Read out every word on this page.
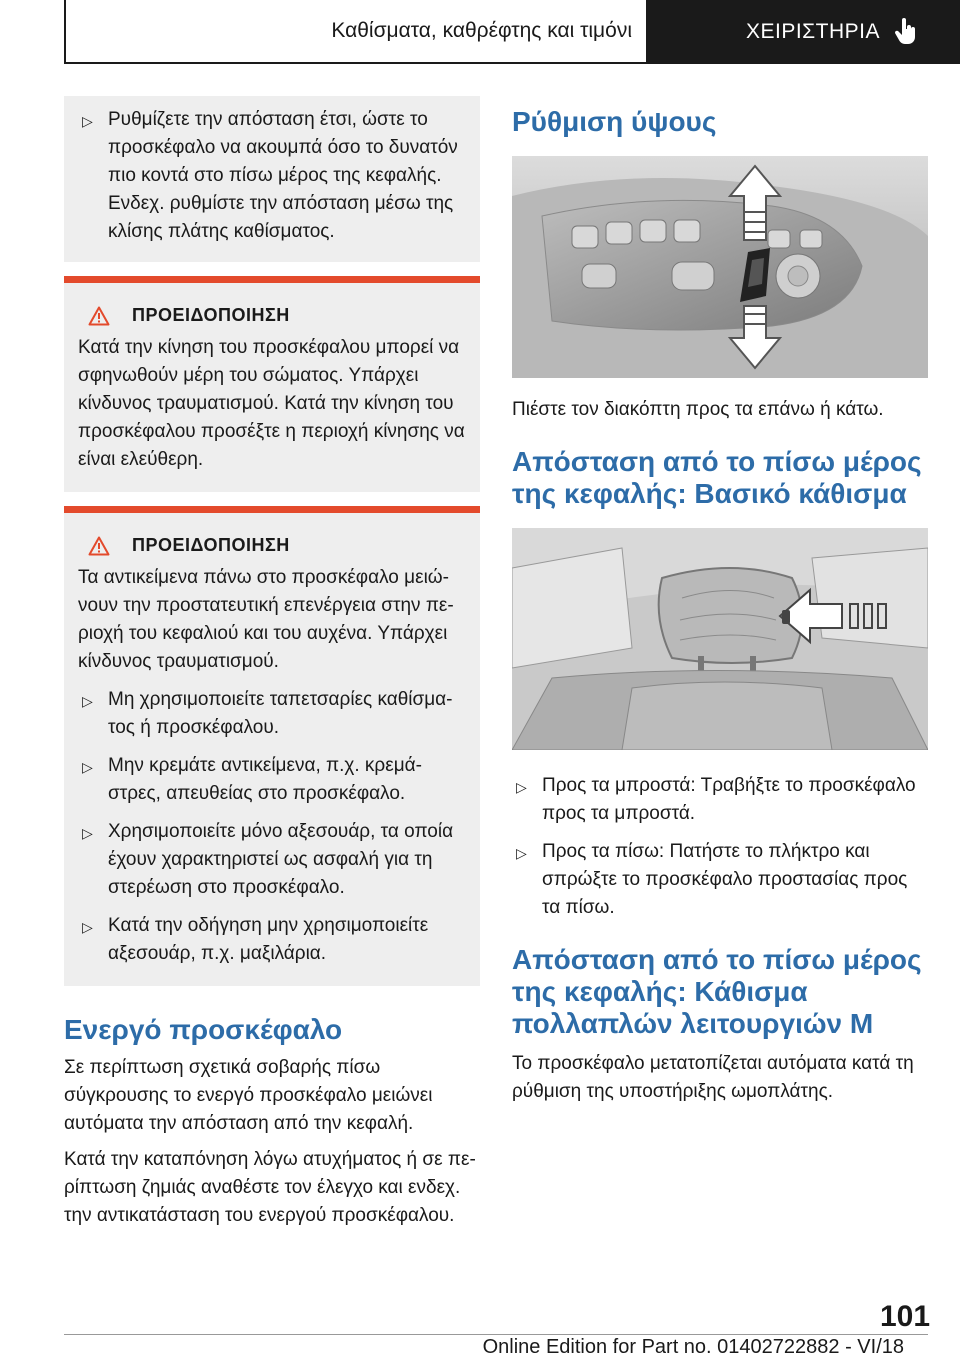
Καθίσματα, καθρέφτης και τιμόνι	ΧΕΙΡΙΣΤΗΡΙΑ
▷ Ρυθμίζετε την απόσταση έτσι, ώστε το προσκέφαλο να ακουμπά όσο το δυνατόν πιο κοντά στο πίσω μέρος της κεφαλής. Ενδεχ. ρυθμίστε την απόσταση μέσω της κλίσης πλάτης καθίσματος.
ΠΡΟΕΙΔΟΠΟΙΗΣΗ
Κατά την κίνηση του προσκέφαλου μπορεί να σφηνωθούν μέρη του σώματος. Υπάρχει κίνδυνος τραυματισμού. Κατά την κίνηση του προσκέφαλου προσέξτε η περιοχή κίνησης να είναι ελεύθερη.
ΠΡΟΕΙΔΟΠΟΙΗΣΗ
Τα αντικείμενα πάνω στο προσκέφαλο μειώνουν την προστατευτική επενέργεια στην περιοχή του κεφαλιού και του αυχένα. Υπάρχει κίνδυνος τραυματισμού.
▷ Μη χρησιμοποιείτε ταπετσαρίες καθίσματος ή προσκέφαλου.
▷ Μην κρεμάτε αντικείμενα, π.χ. κρεμάστρες, απευθείας στο προσκέφαλο.
▷ Χρησιμοποιείτε μόνο αξεσουάρ, τα οποία έχουν χαρακτηριστεί ως ασφαλή για τη στερέωση στο προσκέφαλο.
▷ Κατά την οδήγηση μην χρησιμοποιείτε αξεσουάρ, π.χ. μαξιλάρια.
Ενεργό προσκέφαλο
Σε περίπτωση σχετικά σοβαρής πίσω σύγκρουσης το ενεργό προσκέφαλο μειώνει αυτόματα την απόσταση από την κεφαλή.
Κατά την καταπόνηση λόγω ατυχήματος ή σε περίπτωση ζημιάς αναθέστε τον έλεγχο και ενδεχ. την αντικατάσταση του ενεργού προσκέφαλου.
Ρύθμιση ύψους
Πιέστε τον διακόπτη προς τα επάνω ή κάτω.
Απόσταση από το πίσω μέρος της κεφαλής: Βασικό κάθισμα
▷ Προς τα μπροστά: Τραβήξτε το προσκέφαλο προς τα μπροστά.
▷ Προς τα πίσω: Πατήστε το πλήκτρο και σπρώξτε το προσκέφαλο προστασίας προς τα πίσω.
Απόσταση από το πίσω μέρος της κεφαλής: Κάθισμα πολλαπλών λειτουργιών M
Το προσκέφαλο μετατοπίζεται αυτόματα κατά τη ρύθμιση της υποστήριξης ωμοπλάτης.
101
Online Edition for Part no. 01402722882 - VI/18
